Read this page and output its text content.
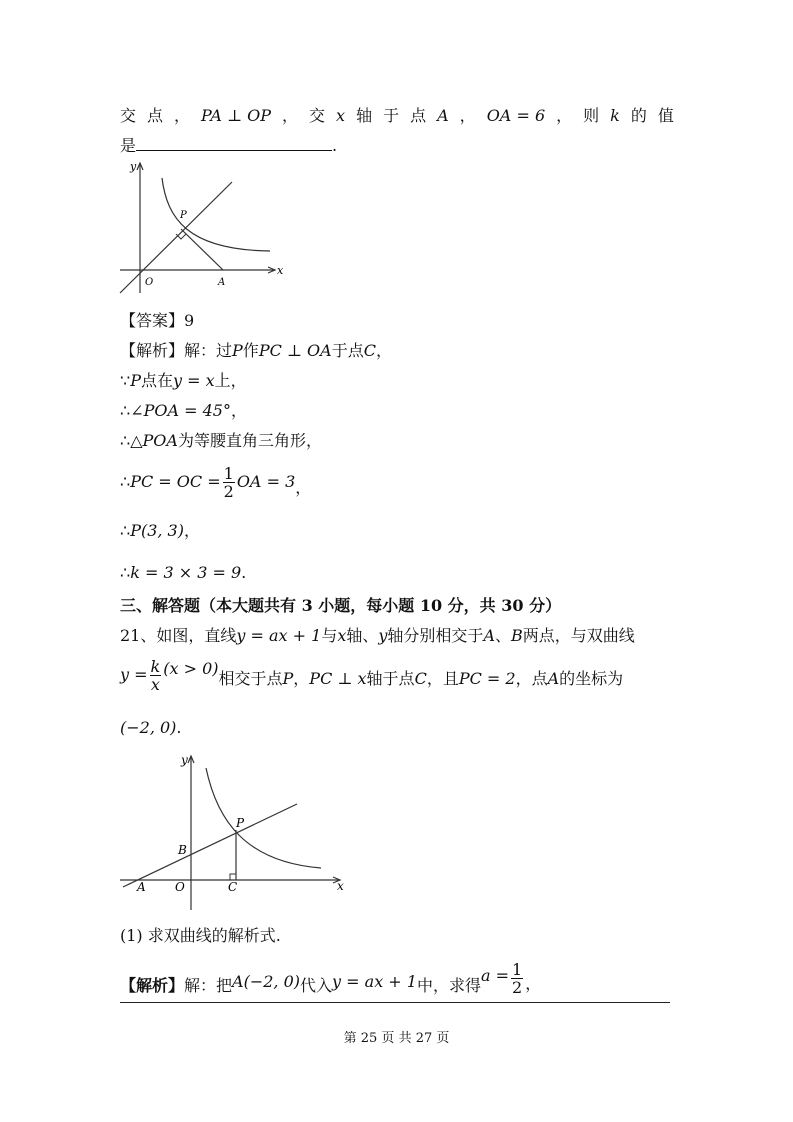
交 点 ， PA ⊥ OP ， 交 x 轴 于 点 A ， OA = 6 ， 则 k 的 值
是	.
y
x
P
O	A
【答案】9
【解析】解：过P作PC ⊥ OA于点C，
∵P点在y = x上，
∴∠POA = 45°，
∴△POA为等腰直角三角形，
∴ PC = OC = $\frac{1}{2}$ OA = 3 ，
∴P(3, 3)，
∴k = 3 × 3 = 9.
三、解答题（本大题共有 3 小题，每小题 10 分，共 30 分）
21、如图，直线y = ax + 1与x轴、y轴分别相交于A、B两点，与双曲线
$y = \frac{k}{x} (x > 0)$
相交于点 P ， PC ⊥ x 轴于点 C ，且 PC = 2 ，点 A 的坐标为
(−2, 0).
y
x
P
B
A O	C
(1) 求双曲线的解析式.
【解析】 解：把 A(−2, 0) 代入 y = ax + 1 中，求得
$a = \frac{1}{2}$ ，
第 25 页 共 27 页
